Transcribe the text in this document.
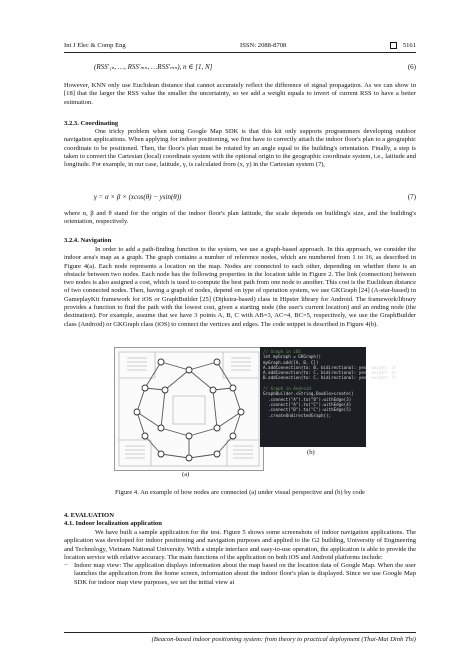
Int J Elec & Comp Eng	ISSN: 2088-8708	5161
(RSS′₁ₙ, …, RSS′ₘₙ, …RSS′ₘₙ), n ∈ [1, N]	(6)

However, KNN only use Euclidean distance that cannot accurately reflect the difference of signal propagation. As we can show in [18] that the larger the RSS value the smaller the uncertainty, so we add a weight equals to invert of current RSS to have a better estimation.

3.2.3. Coordinating

One tricky problem when using Google Map SDK is that this kit only supports programmers developing outdoor navigation applications. When applying for indoor positioning, we first have to correctly attach the indoor floor's plan to a geographic coordinate to be positioned. Then, the floor's plan must be rotated by an angle equal to the building's orientation. Finally, a step is taken to convert the Cartesian (local) coordinate system with the optional origin to the geographic coordinate system, i.e., latitude and longitude. For example, in our case, latitude, γ, is calculated from (x, y) in the Cartesian system (7),

γ = α × β × (xcos(θ) − ysin(θ))	(7)

where α, β and θ stand for the origin of the indoor floor's plan latitude, the scale depends on building's size, and the building's orientation, respectively.

3.2.4. Navigation

In order to add a path-finding function to the system, we use a graph-based approach. In this approach, we consider the indoor area's map as a graph. The graph contains a number of reference nodes, which are numbered from 1 to 16, as described in Figure 4(a). Each node represents a location on the map. Nodes are connected to each other, depending on whether there is an obstacle between two nodes. Each node has the following properties in the location table in Figure 2. The link (connection) between two nodes is also assigned a cost, which is used to compute the best path from one node to another. This cost is the Euclidean distance of two connected nodes. Then, having a graph of nodes, depend on type of operation system, we use GKGraph [24] (A-star-based) in GameplayKit framework for iOS or GraphBuilder [25] (Dijkstra-based) class in Hipster library for Android. The framework/library provides a function to find the path with the lowest cost, given a starting node (the user's current location) and an ending node (the destination). For example, assume that we have 3 points A, B, C with AB=3, AC=4, BC=5, respectively, we use the GraphBuilder class (Android) or GKGraph class (iOS) to connect the vertices and edges. The code snippet is described in Figure 4(b).

// Graph in iOS
let myGraph = GKGraph()
myGraph.add([A, B, C])
A.addConnection(to: B, bidirectional: yes, weight: 3)
A.addConnection(to: C, bidirectional: yes, weight: 4)
B.addConnection(to: C, bidirectional: yes, weight: 5)

// Graph in Android
GraphBuilder.<String,Double>create()
.connect("A").to("B").withEdge(3)
.connect("A").to("C").withEdge(4)
.connect("B").to("C").withEdge(5)
.createUndirectedGraph();
(a)
(b)
Figure 4. An example of how nodes are connected (a) under visual perspective and (b) by code
4. EVALUATION
4.1. Indoor localization application

We have built a sample application for the test. Figure 5 shows some screenshots of indoor navigation applications. The application was developed for indoor positioning and navigation purposes and applied to the G2 building, University of Engineering and Technology, Vietnam National University. With a simple interface and easy-to-use operation, the application is able to provide the location service with relative accuracy. The main functions of the application on both iOS and Android platforms include:

− Indoor map view: The application displays information about the map based on the location data of Google Map. When the user launches the application from the home screen, information about the indoor floor's plan is displayed. Since we use Google Map SDK for indoor map view purposes, we set the initial view at
(Beacon-based indoor positioning system: from theory to practical deployment (Thai-Mai Dinh Thi)
